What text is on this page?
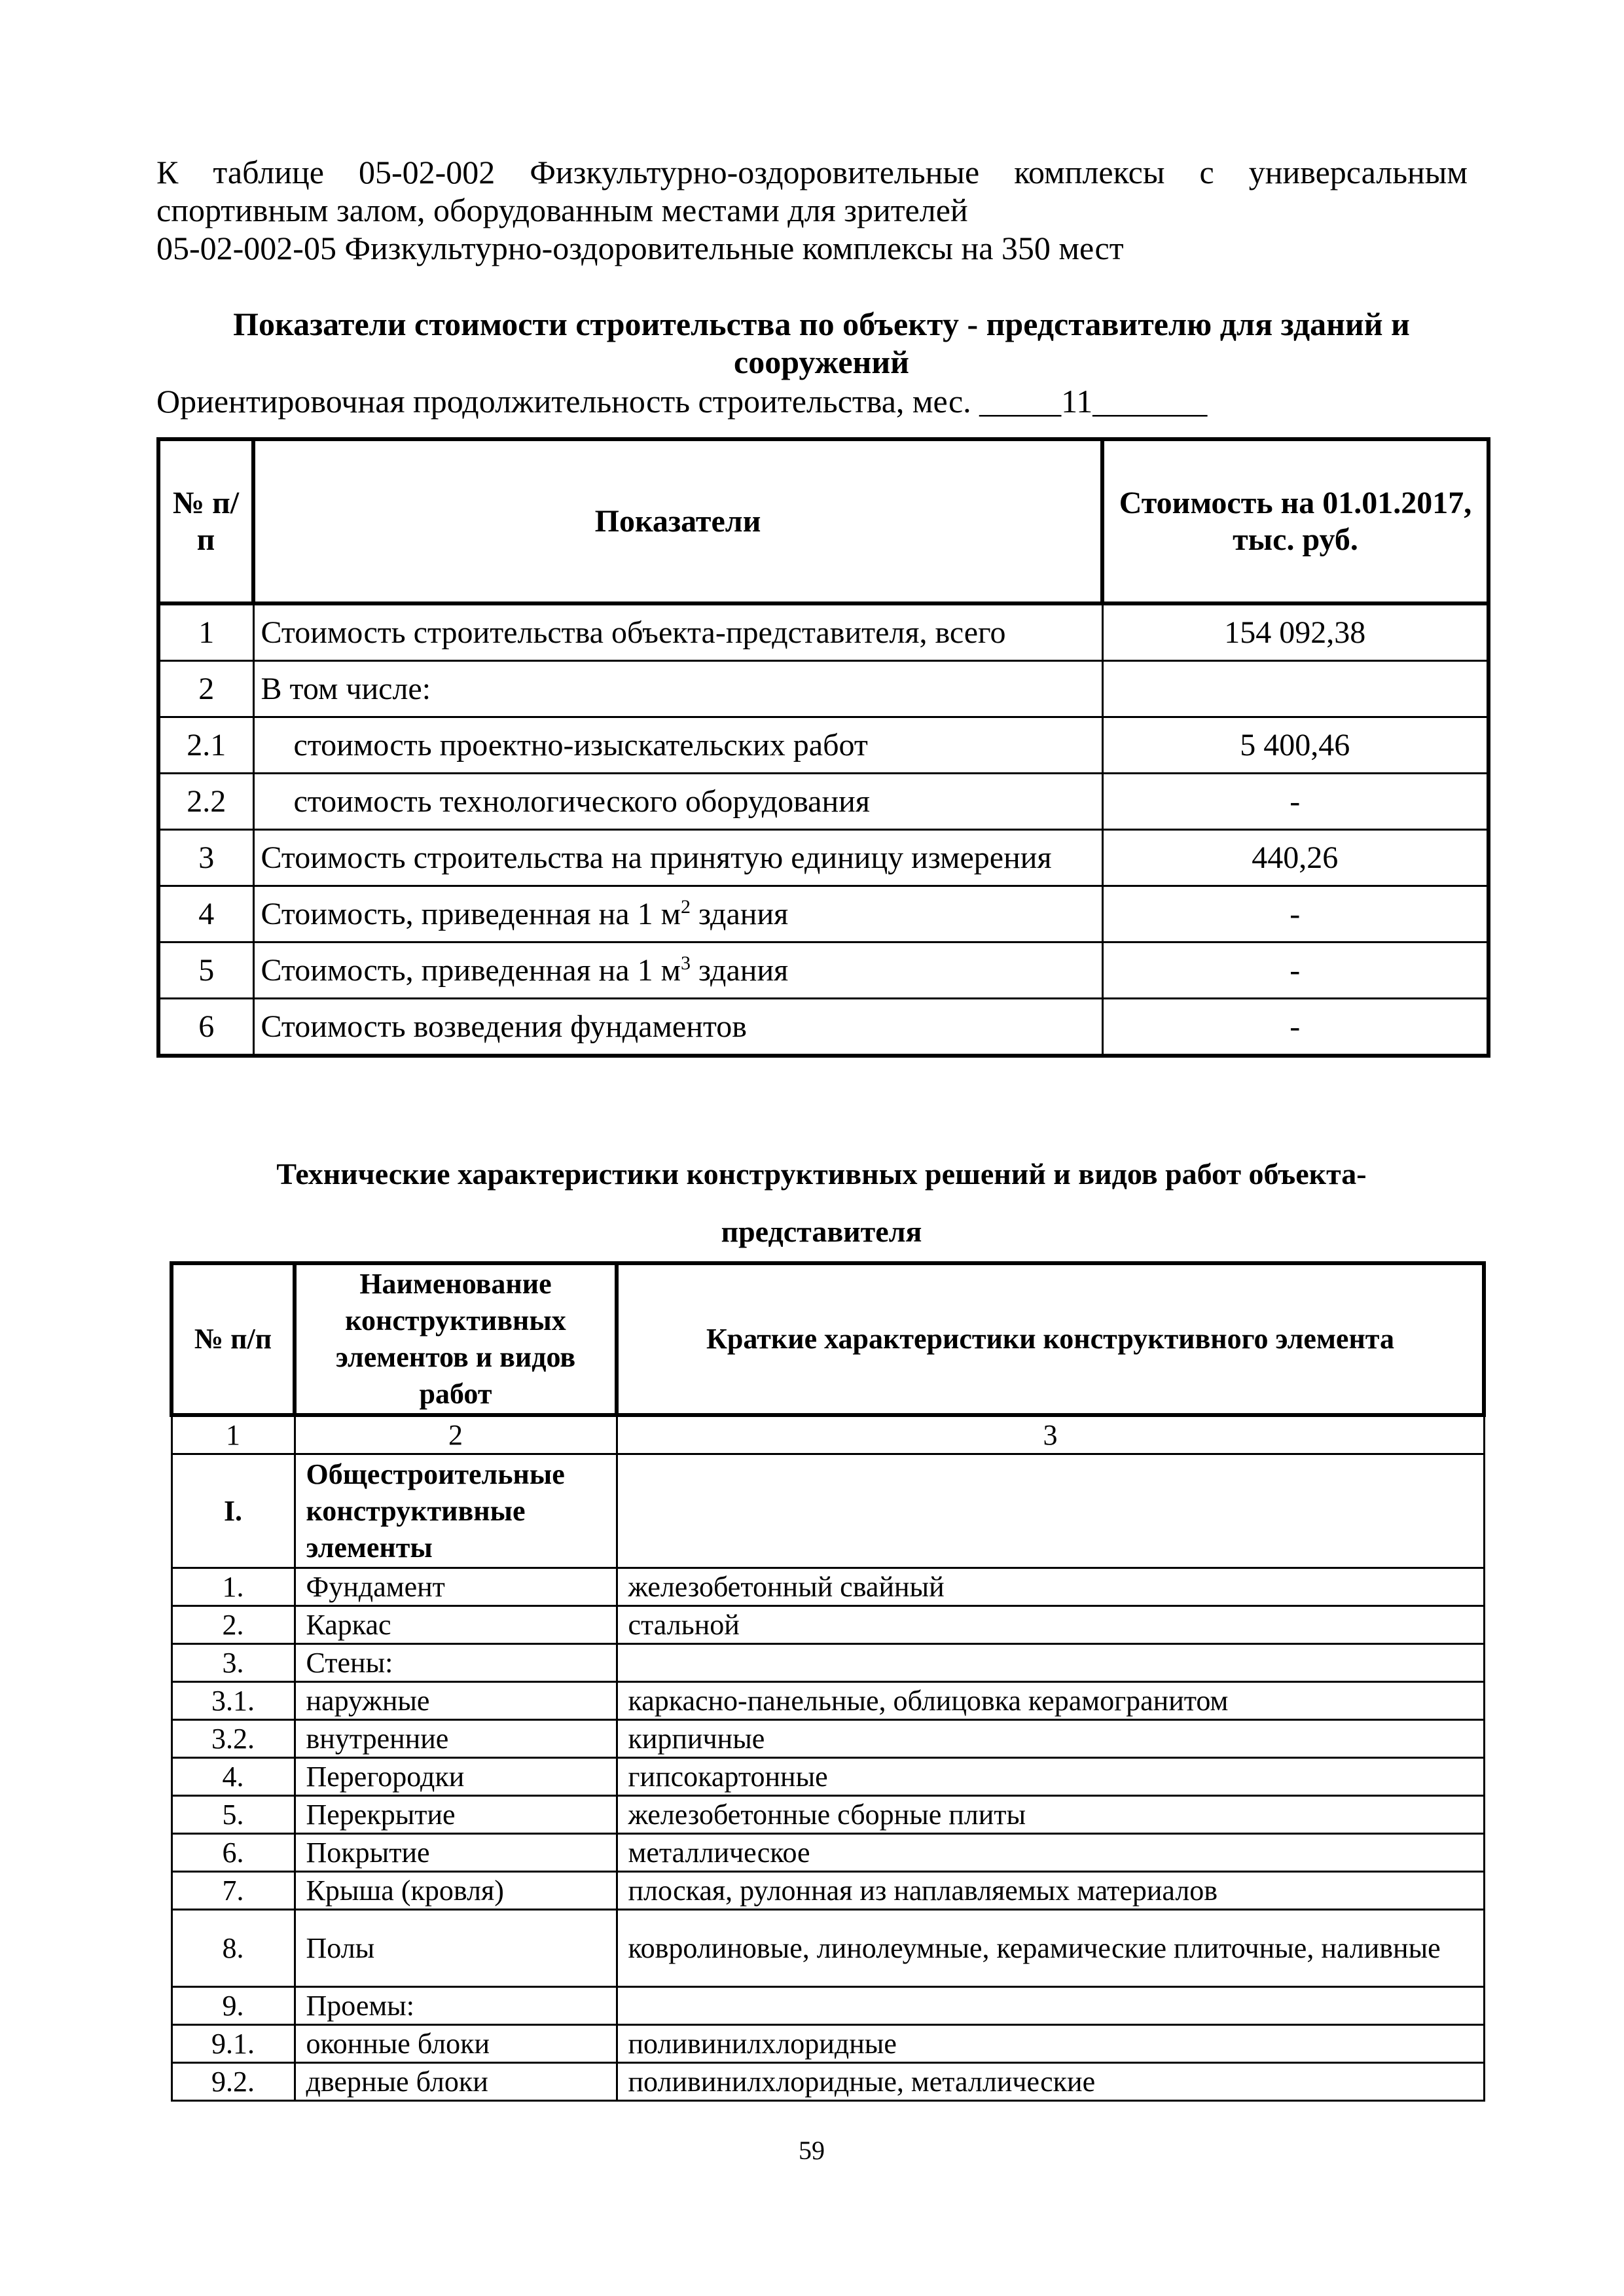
К таблице 05-02-002 Физкультурно-оздоровительные комплексы с универсальным
спортивным залом, оборудованным местами для зрителей
05-02-002-05 Физкультурно-оздоровительные комплексы на 350 мест
Показатели стоимости строительства по объекту - представителю для зданий и
сооружений
Ориентировочная продолжительность строительства, мес. _____11_______
№ п/п	Показатели	Стоимость на 01.01.2017, тыс. руб.
1	Стоимость строительства объекта-представителя, всего	154 092,38
2	В том числе:	
2.1	стоимость проектно-изыскательских работ	5 400,46
2.2	стоимость технологического оборудования	-
3	Стоимость строительства на принятую единицу измерения	440,26
4	Стоимость, приведенная на 1 $м^2$ здания	-
5	Стоимость, приведенная на 1 $м^3$ здания	-
6	Стоимость возведения фундаментов	-
Технические характеристики конструктивных решений и видов работ объекта-
представителя
№ п/п	Наименование конструктивных элементов и видов работ	Краткие характеристики конструктивного элемента
1	2	3
I.	Общестроительные конструктивные элементы	
1.	Фундамент	железобетонный свайный
2.	Каркас	стальной
3.	Стены:	
3.1.	наружные	каркасно-панельные, облицовка керамогранитом
3.2.	внутренние	кирпичные
4.	Перегородки	гипсокартонные
5.	Перекрытие	железобетонные сборные плиты
6.	Покрытие	металлическое
7.	Крыша (кровля)	плоская, рулонная из наплавляемых материалов
8.	Полы	ковролиновые, линолеумные, керамические плиточные, наливные
9.	Проемы:	
9.1.	оконные блоки	поливинилхлоридные
9.2.	дверные блоки	поливинилхлоридные, металлические
59
